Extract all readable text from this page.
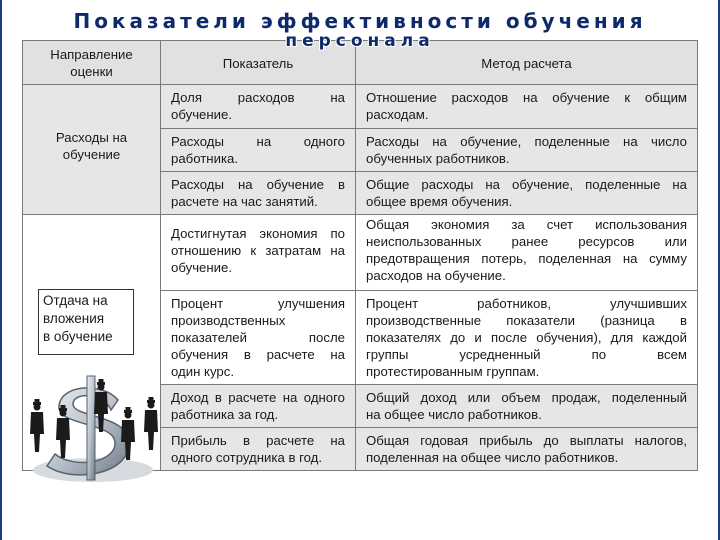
Показатели эффективности обучения
персонала
Направление
оценки
Показатель	Метод расчета
Расходы на
обучение
Отдача на
вложения
в обучение
Доля расходов на
обучение.
Отношение расходов на обучение к общим
расходам.
Расходы на одного
работника.
Расходы на обучение, поделенные на число
обученных работников.
Расходы на обучение в
расчете на час занятий.
Общие расходы на обучение, поделенные на
общее время обучения.
Достигнутая экономия по
отношению к затратам на
обучение.
Общая экономия за счет использования
неиспользованных ранее ресурсов или
предотвращения потерь, поделенная на сумму
расходов на обучение.
Процент улучшения
производственных
показателей после
обучения в расчете на
один курс.
Процент работников, улучшивших
производственные показатели (разница в
показателях до и после обучения), для каждой
группы усредненный по всем
протестированным группам.
Доход в расчете на одного
работника за год.
Общий доход или объем продаж, поделенный
на общее число работников.
Прибыль в расчете на
одного сотрудника в год.
Общая годовая прибыль до выплаты налогов,
поделенная на общее число работников.
